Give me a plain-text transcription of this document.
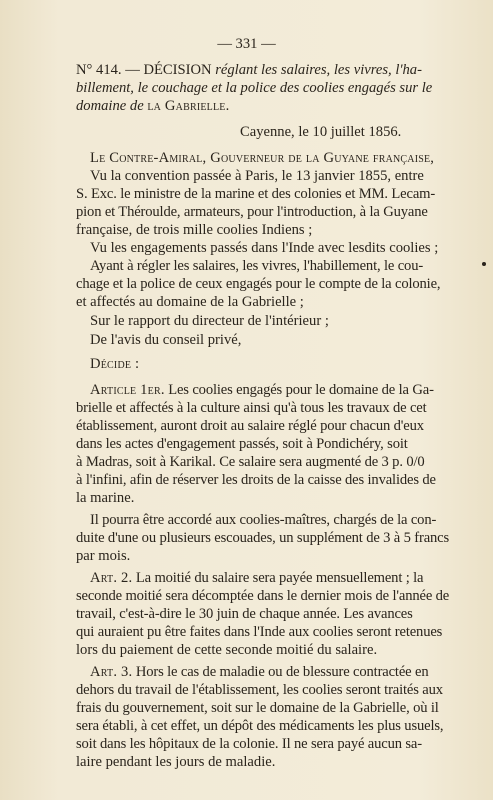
— 331 —
N° 414. — DÉCISION réglant les salaires, les vivres, l'ha-
billement, le couchage et la police des coolies engagés sur le
domaine de la Gabrielle.
Cayenne, le 10 juillet 1856.
Le Contre-Amiral, Gouverneur de la Guyane française,
Vu la convention passée à Paris, le 13 janvier 1855, entre
S. Exc. le ministre de la marine et des colonies et MM. Lecam-
pion et Théroulde, armateurs, pour l'introduction, à la Guyane
française, de trois mille coolies Indiens ;
Vu les engagements passés dans l'Inde avec lesdits coolies ;
Ayant à régler les salaires, les vivres, l'habillement, le cou-
chage et la police de ceux engagés pour le compte de la colonie,
et affectés au domaine de la Gabrielle ;
Sur le rapport du directeur de l'intérieur ;
De l'avis du conseil privé,
Décide :
Article 1er. Les coolies engagés pour le domaine de la Ga-
brielle et affectés à la culture ainsi qu'à tous les travaux de cet
établissement, auront droit au salaire réglé pour chacun d'eux
dans les actes d'engagement passés, soit à Pondichéry, soit
à Madras, soit à Karikal. Ce salaire sera augmenté de 3 p. 0/0
à l'infini, afin de réserver les droits de la caisse des invalides de
la marine.
Il pourra être accordé aux coolies-maîtres, chargés de la con-
duite d'une ou plusieurs escouades, un supplément de 3 à 5 francs
par mois.
Art. 2. La moitié du salaire sera payée mensuellement ; la
seconde moitié sera décomptée dans le dernier mois de l'année de
travail, c'est-à-dire le 30 juin de chaque année. Les avances
qui auraient pu être faites dans l'Inde aux coolies seront retenues
lors du paiement de cette seconde moitié du salaire.
Art. 3. Hors le cas de maladie ou de blessure contractée en
dehors du travail de l'établissement, les coolies seront traités aux
frais du gouvernement, soit sur le domaine de la Gabrielle, où il
sera établi, à cet effet, un dépôt des médicaments les plus usuels,
soit dans les hôpitaux de la colonie. Il ne sera payé aucun sa-
laire pendant les jours de maladie.
